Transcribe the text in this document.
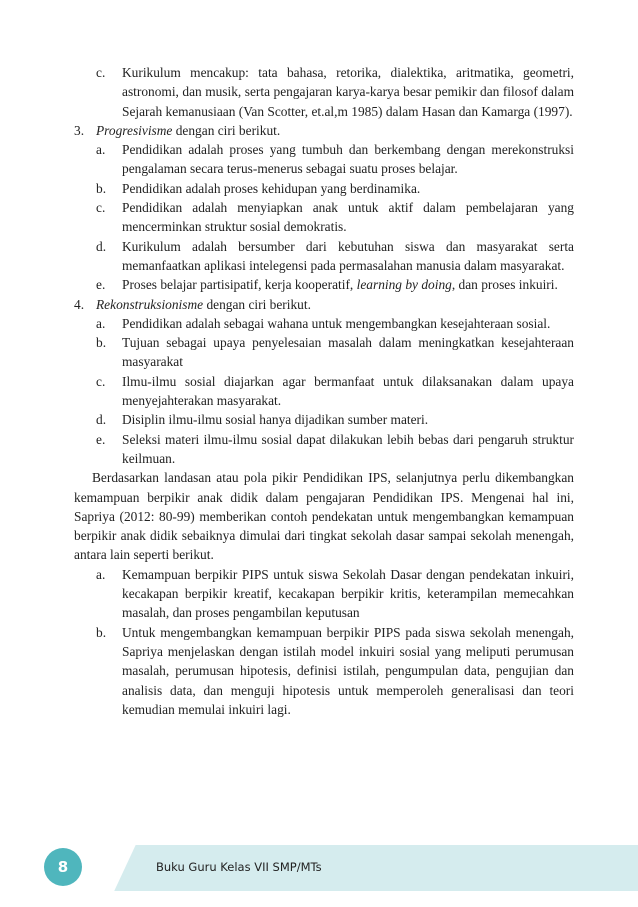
c.	Kurikulum mencakup: tata bahasa, retorika, dialektika, aritmatika, geometri, astronomi, dan musik, serta pengajaran karya-karya besar pemikir dan filosof dalam Sejarah kemanusiaan (Van Scotter, et.al,m 1985) dalam Hasan dan Kamarga (1997).
3. Progresivisme dengan ciri berikut.
a.	Pendidikan adalah proses yang tumbuh dan berkembang dengan merekonstruksi pengalaman secara terus-menerus sebagai suatu proses belajar.
b.	Pendidikan adalah proses kehidupan yang berdinamika.
c.	Pendidikan adalah menyiapkan anak untuk aktif dalam pembelajaran yang mencerminkan struktur sosial demokratis.
d.	Kurikulum adalah bersumber dari kebutuhan siswa dan masyarakat serta memanfaatkan aplikasi intelegensi pada permasalahan manusia dalam masyarakat.
e.	Proses belajar partisipatif, kerja kooperatif, learning by doing, dan proses inkuiri.
4. Rekonstruksionisme dengan ciri berikut.
a.	Pendidikan adalah sebagai wahana untuk mengembangkan kesejahteraan sosial.
b.	Tujuan sebagai upaya penyelesaian masalah dalam meningkatkan kesejahteraan masyarakat
c.	Ilmu-ilmu sosial diajarkan agar bermanfaat untuk dilaksanakan dalam upaya menyejahterakan masyarakat.
d.	Disiplin ilmu-ilmu sosial hanya dijadikan sumber materi.
e.	Seleksi materi ilmu-ilmu sosial dapat dilakukan lebih bebas dari pengaruh struktur keilmuan.

Berdasarkan landasan atau pola pikir Pendidikan IPS, selanjutnya perlu dikembangkan kemampuan berpikir anak didik dalam pengajaran Pendidikan IPS. Mengenai hal ini, Sapriya (2012: 80-99) memberikan contoh pendekatan untuk mengembangkan kemampuan berpikir anak didik sebaiknya dimulai dari tingkat sekolah dasar sampai sekolah menengah, antara lain seperti berikut.

a.	Kemampuan berpikir PIPS untuk siswa Sekolah Dasar dengan pendekatan inkuiri, kecakapan berpikir kreatif, kecakapan berpikir kritis, keterampilan memecahkan masalah, dan proses pengambilan keputusan
b.	Untuk mengembangkan kemampuan berpikir PIPS pada siswa sekolah menengah, Sapriya menjelaskan dengan istilah model inkuiri sosial yang meliputi perumusan masalah, perumusan hipotesis, definisi istilah, pengumpulan data, pengujian dan analisis data, dan menguji hipotesis untuk memperoleh generalisasi dan teori kemudian memulai inkuiri lagi.
8	Buku Guru Kelas VII SMP/MTs
